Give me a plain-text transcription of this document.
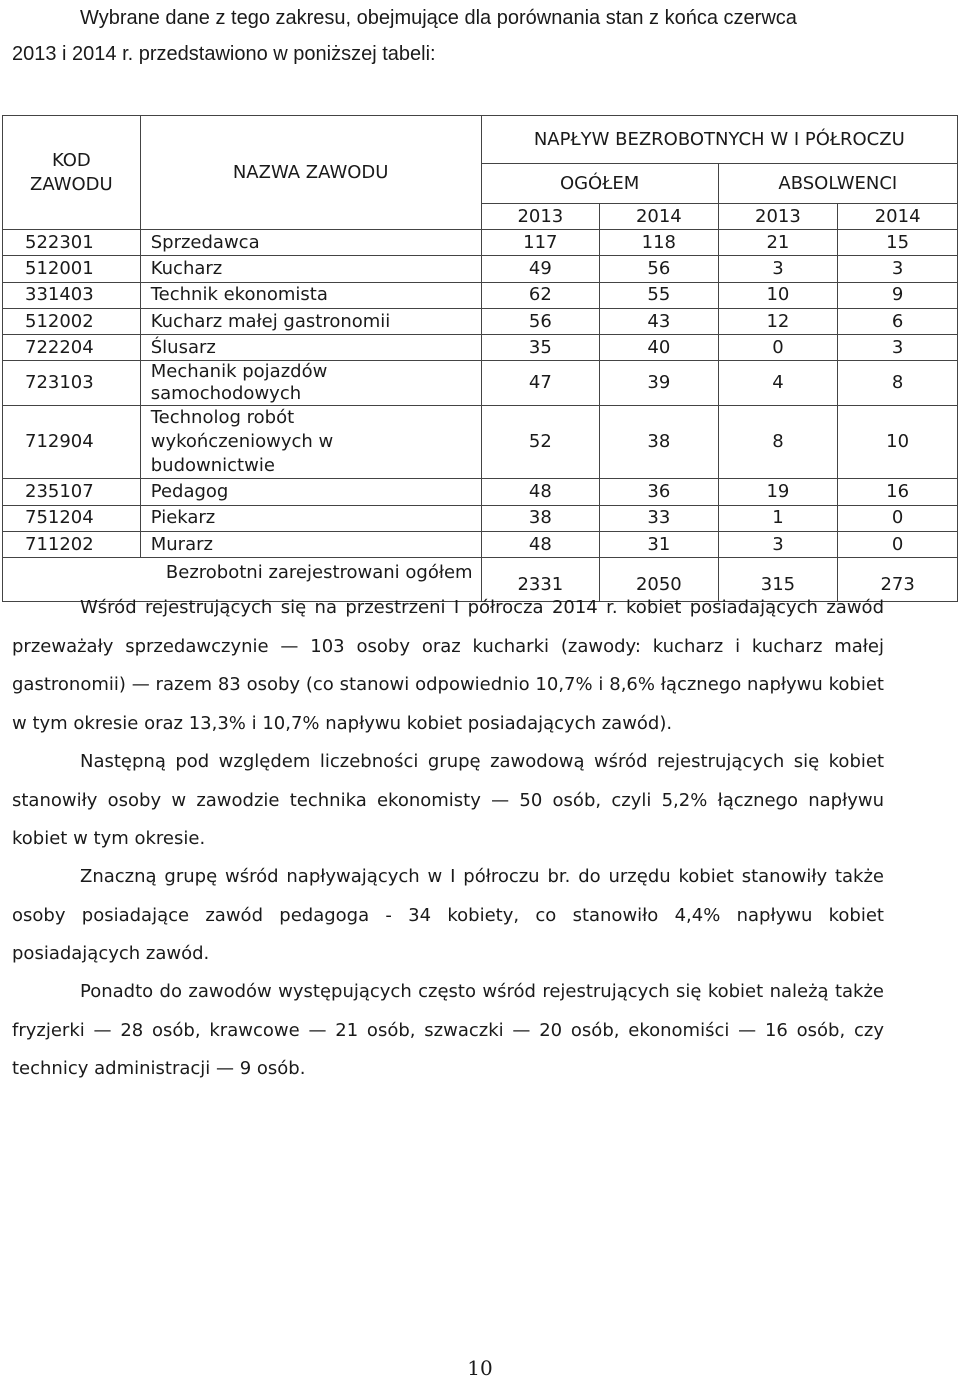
Wybrane dane z tego zakresu, obejmujące dla porównania stan z końca czerwca
2013 i 2014 r. przedstawiono w poniższej tabeli:
KOD
ZAWODU	NAZWA ZAWODU	NAPŁYW BEZROBOTNYCH W I PÓŁROCZU			
		OGÓŁEM		ABSOLWENCI	
		2013	2014	2013	2014
522301	Sprzedawca	117	118	21	15
512001	Kucharz	49	56	3	3
331403	Technik ekonomista	62	55	10	9
512002	Kucharz małej gastronomii	56	43	12	6
722204	Ślusarz	35	40	0	3
723103	Mechanik pojazdów samochodowych	47	39	4	8
712904	Technolog robót wykończeniowych w budownictwie	52	38	8	10
235107	Pedagog	48	36	19	16
751204	Piekarz	38	33	1	0
711202	Murarz	48	31	3	0
Bezrobotni zarejestrowani ogółem		2331	2050	315	273

Wśród rejestrujących się na przestrzeni I półrocza 2014 r. kobiet posiadających zawód przeważały sprzedawczynie — 103 osoby oraz kucharki (zawody: kucharz i kucharz małej gastronomii) — razem 83 osoby (co stanowi odpowiednio 10,7% i 8,6% łącznego napływu kobiet w tym okresie oraz 13,3% i 10,7% napływu kobiet posiadających zawód).

Następną pod względem liczebności grupę zawodową wśród rejestrujących się kobiet stanowiły osoby w zawodzie technika ekonomisty — 50 osób, czyli 5,2% łącznego napływu kobiet w tym okresie.

Znaczną grupę wśród napływających w I półroczu br. do urzędu kobiet stanowiły także osoby posiadające zawód pedagoga - 34 kobiety, co stanowiło 4,4% napływu kobiet posiadających zawód.

Ponadto do zawodów występujących często wśród rejestrujących się kobiet należą także fryzjerki — 28 osób, krawcowe — 21 osób, szwaczki — 20 osób, ekonomiści — 16 osób, czy technicy administracji — 9 osób.

10
